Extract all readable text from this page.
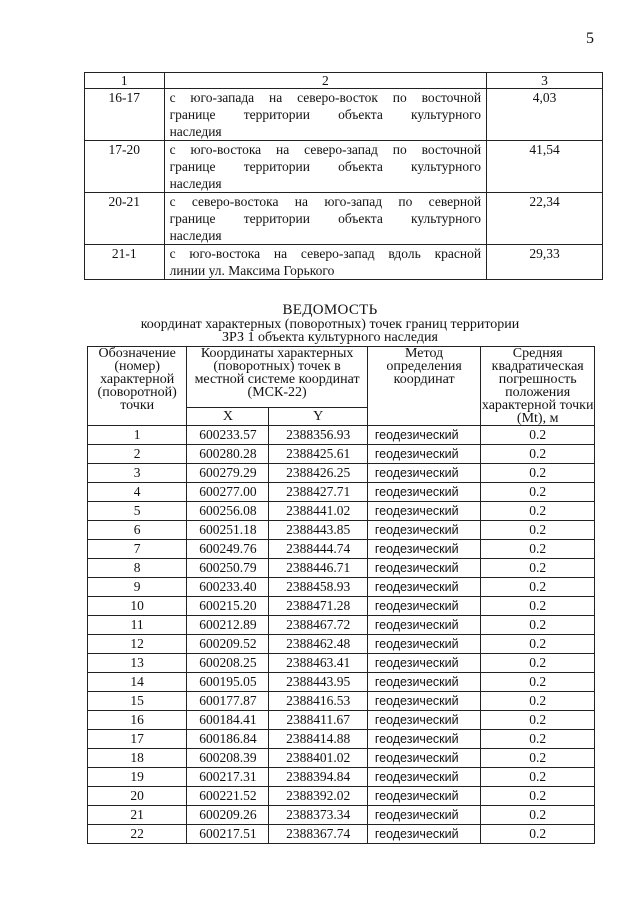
5
1	2	3
16-17	с юго-запада на северо-восток по восточной
границе территории объекта культурного
наследия	4,03
17-20	с юго-востока на северо-запад по восточной
границе территории объекта культурного
наследия	41,54
20-21	с северо-востока на юго-запад по северной
границе территории объекта культурного
наследия	22,34
21-1	с юго-востока на северо-запад вдоль красной
линии ул. Максима Горького	29,33
ВЕДОМОСТЬ
координат характерных (поворотных) точек границ территории
ЗРЗ 1 объекта культурного наследия
Обозначение (номер) характерной (поворотной) точки	Координаты характерных (поворотных) точек в местной системе координат (МСК-22)		Метод определения координат	Средняя квадратическая погрешность положения характерной точки (Mt), м
	X	Y		
1	600233.57	2388356.93	геодезический	0.2
2	600280.28	2388425.61	геодезический	0.2
3	600279.29	2388426.25	геодезический	0.2
4	600277.00	2388427.71	геодезический	0.2
5	600256.08	2388441.02	геодезический	0.2
6	600251.18	2388443.85	геодезический	0.2
7	600249.76	2388444.74	геодезический	0.2
8	600250.79	2388446.71	геодезический	0.2
9	600233.40	2388458.93	геодезический	0.2
10	600215.20	2388471.28	геодезический	0.2
11	600212.89	2388467.72	геодезический	0.2
12	600209.52	2388462.48	геодезический	0.2
13	600208.25	2388463.41	геодезический	0.2
14	600195.05	2388443.95	геодезический	0.2
15	600177.87	2388416.53	геодезический	0.2
16	600184.41	2388411.67	геодезический	0.2
17	600186.84	2388414.88	геодезический	0.2
18	600208.39	2388401.02	геодезический	0.2
19	600217.31	2388394.84	геодезический	0.2
20	600221.52	2388392.02	геодезический	0.2
21	600209.26	2388373.34	геодезический	0.2
22	600217.51	2388367.74	геодезический	0.2
